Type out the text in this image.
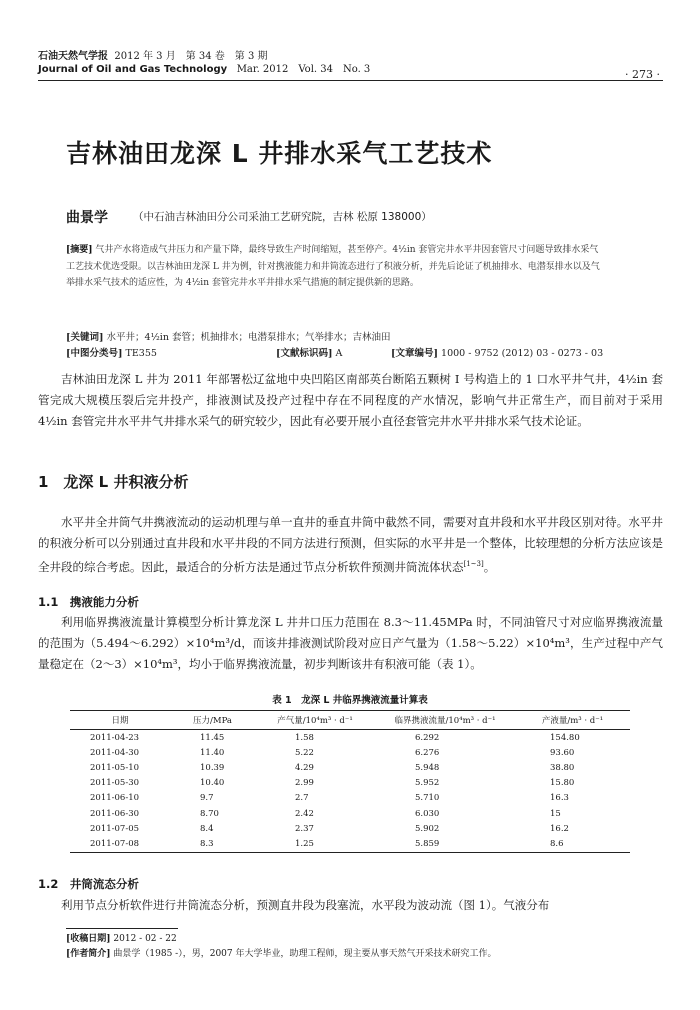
石油天然气学报 2012 年 3 月　第 34 卷　第 3 期
Journal of Oil and Gas Technology Mar. 2012　Vol. 34　No. 3	· 273 ·
吉林油田龙深 L 井排水采气工艺技术
曲景学 （中石油吉林油田分公司采油工艺研究院，吉林 松原 138000）
[摘要] 气井产水将造成气井压力和产量下降，最终导致生产时间缩短，甚至停产。4½in 套管完井水平井因套管尺寸问题导致排水采气工艺技术优选受限。以吉林油田龙深 L 井为例，针对携液能力和井筒流态进行了积液分析，并先后论证了机抽排水、电潜泵排水以及气举排水采气技术的适应性，为 4½in 套管完井水平井排水采气措施的制定提供新的思路。
[关键词] 水平井；4½in 套管；机抽排水；电潜泵排水；气举排水；吉林油田
[中图分类号] TE355	[文献标识码] A	[文章编号] 1000 - 9752 (2012) 03 - 0273 - 03
吉林油田龙深 L 井为 2011 年部署松辽盆地中央凹陷区南部英台断陷五颗树 Ⅰ 号构造上的 1 口水平井气井，4½in 套管完成大规模压裂后完井投产，排液测试及投产过程中存在不同程度的产水情况，影响气井正常生产，而目前对于采用 4½in 套管完井水平井气井排水采气的研究较少，因此有必要开展小直径套管完井水平井排水采气技术论证。
1　龙深 L 井积液分析
水平井全井筒气井携液流动的运动机理与单一直井的垂直井筒中截然不同，需要对直井段和水平井段区别对待。水平井的积液分析可以分别通过直井段和水平井段的不同方法进行预测，但实际的水平井是一个整体，比较理想的分析方法应该是全井段的综合考虑。因此，最适合的分析方法是通过节点分析软件预测井筒流体状态[1~3]。
1.1　携液能力分析
利用临界携液流量计算模型分析计算龙深 L 井井口压力范围在 8.3～11.45MPa 时，不同油管尺寸对应临界携液流量的范围为（5.494～6.292）×10⁴m³/d，而该井排液测试阶段对应日产气量为（1.58～5.22）×10⁴m³，生产过程中产气量稳定在（2～3）×10⁴m³，均小于临界携液流量，初步判断该井有积液可能（表 1）。
表 1　龙深 L 井临界携液流量计算表
日期	压力/MPa	产气量/10⁴m³ · d⁻¹	临界携液流量/10⁴m³ · d⁻¹	产液量/m³ · d⁻¹
2011-04-23	11.45	1.58	6.292	154.80
2011-04-30	11.40	5.22	6.276	93.60
2011-05-10	10.39	4.29	5.948	38.80
2011-05-30	10.40	2.99	5.952	15.80
2011-06-10	9.7	2.7	5.710	16.3
2011-06-30	8.70	2.42	6.030	15
2011-07-05	8.4	2.37	5.902	16.2
2011-07-08	8.3	1.25	5.859	8.6
1.2　井筒流态分析
利用节点分析软件进行井筒流态分析，预测直井段为段塞流，水平段为波动流（图 1）。气液分布
[收稿日期] 2012 - 02 - 22
[作者简介] 曲景学（1985 -），男，2007 年大学毕业，助理工程师，现主要从事天然气开采技术研究工作。
